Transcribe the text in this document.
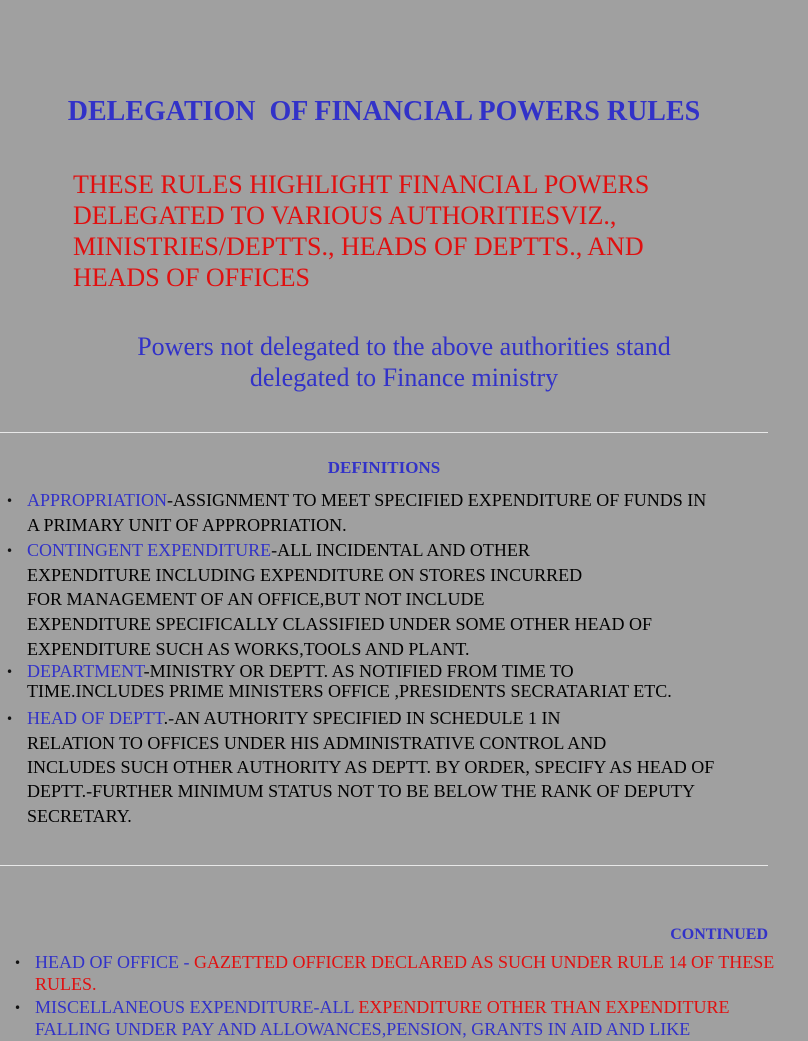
DELEGATION  OF FINANCIAL POWERS RULES
THESE RULES HIGHLIGHT FINANCIAL POWERS
DELEGATED TO VARIOUS AUTHORITIESVIZ.,
MINISTRIES/DEPTTS., HEADS OF DEPTTS., AND
HEADS OF OFFICES
Powers not delegated to the above authorities stand
delegated to Finance ministry
DEFINITIONS
• APPROPRIATION-ASSIGNMENT TO MEET SPECIFIED EXPENDITURE OF FUNDS IN
A PRIMARY UNIT OF APPROPRIATION.
• CONTINGENT EXPENDITURE-ALL INCIDENTAL AND OTHER
EXPENDITURE INCLUDING EXPENDITURE ON STORES INCURRED
FOR MANAGEMENT OF AN OFFICE,BUT NOT INCLUDE
EXPENDITURE SPECIFICALLY CLASSIFIED UNDER SOME OTHER HEAD OF
EXPENDITURE SUCH AS WORKS,TOOLS AND PLANT.
• DEPARTMENT-MINISTRY OR DEPTT. AS NOTIFIED FROM TIME TO
TIME.INCLUDES PRIME MINISTERS OFFICE ,PRESIDENTS SECRATARIAT ETC.
• HEAD OF DEPTT.-AN AUTHORITY SPECIFIED IN SCHEDULE 1 IN
RELATION TO OFFICES UNDER HIS ADMINISTRATIVE CONTROL AND
INCLUDES SUCH OTHER AUTHORITY AS DEPTT. BY ORDER, SPECIFY AS HEAD OF
DEPTT.-FURTHER MINIMUM STATUS NOT TO BE BELOW THE RANK OF DEPUTY
SECRETARY.
CONTINUED
• HEAD OF OFFICE - GAZETTED OFFICER DECLARED AS SUCH UNDER RULE 14 OF THESE
RULES.
• MISCELLANEOUS EXPENDITURE-ALL EXPENDITURE OTHER THAN EXPENDITURE
FALLING UNDER PAY AND ALLOWANCES,PENSION, GRANTS IN AID AND LIKE
